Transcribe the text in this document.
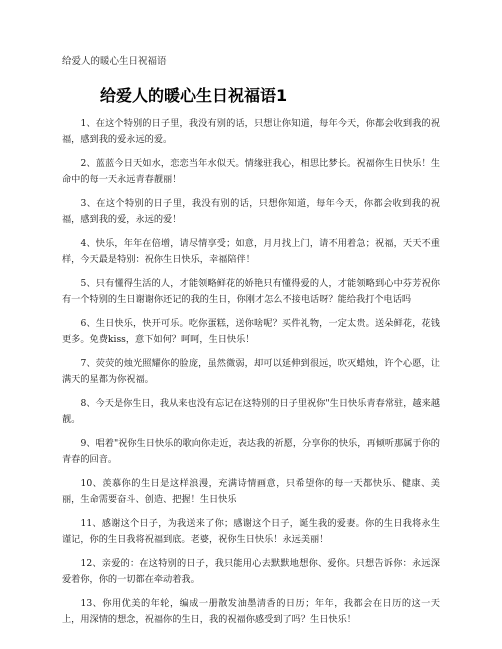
给爱人的暖心生日祝福语
给爱人的暖心生日祝福语1

1、在这个特别的日子里，我没有别的话，只想让你知道，每年今天，你都会收到我的祝福，感到我的爱永远的爱。

2、蓝蓝今日天如水，恋恋当年水似天。情缘驻我心，相思比梦长。祝福你生日快乐！生命中的每一天永远青春靓丽！

3、在这个特别的日子里，我没有别的话，只想你知道，每年今天，你都会收到我的祝福，感到我的爱，永远的爱！

4、快乐，年年在倍增，请尽情享受；如意，月月找上门，请不用着急；祝福，天天不重样，今天最是特别：祝你生日快乐，幸福陪伴！

5、只有懂得生活的人，才能领略鲜花的娇艳只有懂得爱的人，才能领略到心中芬芳祝你有一个特别的生日谢谢你还记的我的生日，你刚才怎么不接电话呀？能给我打个电话吗

6、生日快乐，快开可乐。吃你蛋糕，送你啥呢？买件礼物，一定太贵。送朵鲜花，花钱更多。免费kiss，意下如何？呵呵，生日快乐！

7、荧荧的烛光照耀你的脸庞，虽然微弱，却可以延伸到很远，吹灭蜡烛，许个心愿，让满天的星都为你祝福。

8、今天是你生日，我从来也没有忘记在这特别的日子里祝你"生日快乐青春常驻，越来越靓。

9、唱着"祝你生日快乐的歌向你走近，表达我的祈愿，分享你的快乐，再倾听那属于你的青春的回音。

10、羡慕你的生日是这样浪漫，充满诗情画意，只希望你的每一天都快乐、健康、美丽，生命需要奋斗、创造、把握！生日快乐

11、感谢这个日子，为我送来了你；感谢这个日子，诞生我的爱妻。你的生日我将永生谨记，你的生日我将祝福到底。老婆，祝你生日快乐！永远美丽！

12、亲爱的：在这特别的日子，我只能用心去默默地想你、爱你。只想告诉你：永远深爱着你，你的一切都在牵动着我。

13、你用优美的年轮，编成一册散发油墨清香的日历；年年，我都会在日历的这一天上，用深情的想念，祝福你的生日，我的祝福你感受到了吗？生日快乐！
